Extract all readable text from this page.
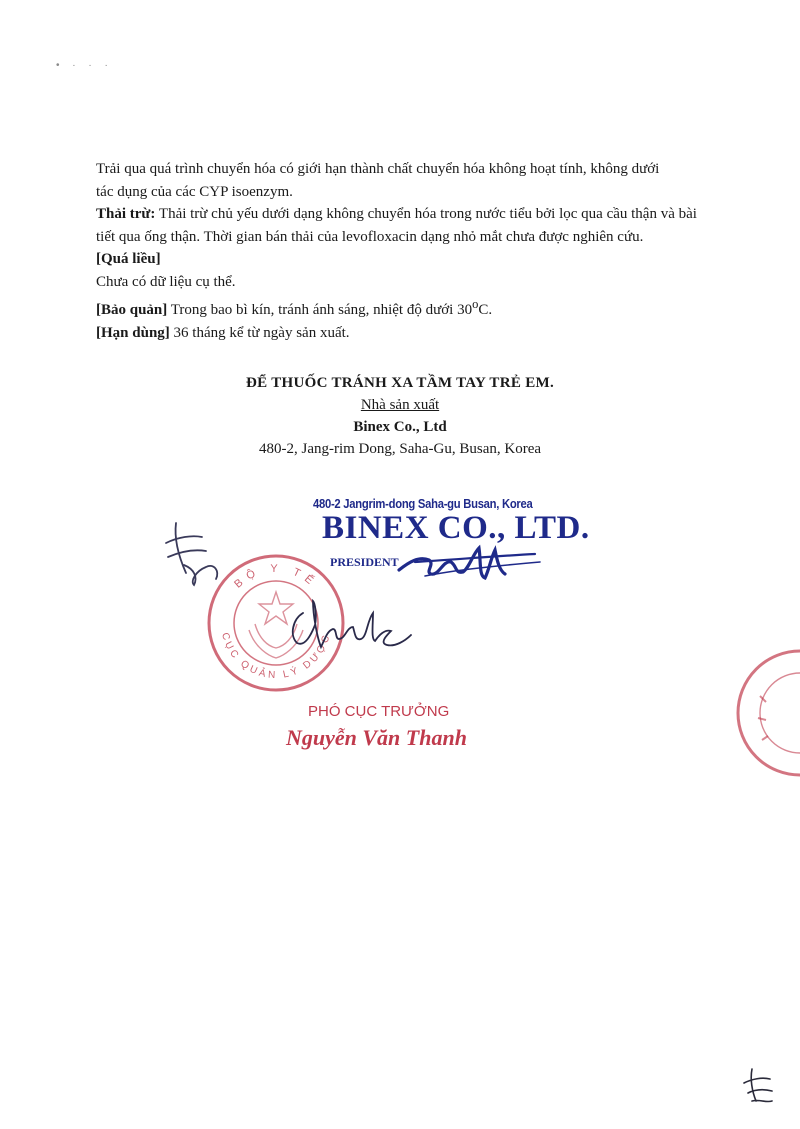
• · · ·

Trải qua quá trình chuyển hóa có giới hạn thành chất chuyển hóa không hoạt tính, không dưới

tác dụng của các CYP isoenzym.

Thải trừ: Thải trừ chủ yếu dưới dạng không chuyển hóa trong nước tiểu bởi lọc qua cầu thận và bài tiết qua ống thận. Thời gian bán thải của levofloxacin dạng nhỏ mắt chưa được nghiên cứu.

[Quá liều]

Chưa có dữ liệu cụ thể.

[Bảo quản] Trong bao bì kín, tránh ánh sáng, nhiệt độ dưới 30$^o$C.

[Hạn dùng] 36 tháng kể từ ngày sản xuất.

ĐỂ THUỐC TRÁNH XA TẦM TAY TRẺ EM.
Nhà sản xuất
Binex Co., Ltd
480-2, Jang-rim Dong, Saha-Gu, Busan, Korea
480-2 Jangrim-dong Saha-gu Busan, Korea
BINEX CO., LTD.
PRESIDENT
BỘ Y TẾ
CỤC QUẢN LÝ DƯỢC
PHÓ CỤC TRƯỞNG
Nguyễn Văn Thanh
